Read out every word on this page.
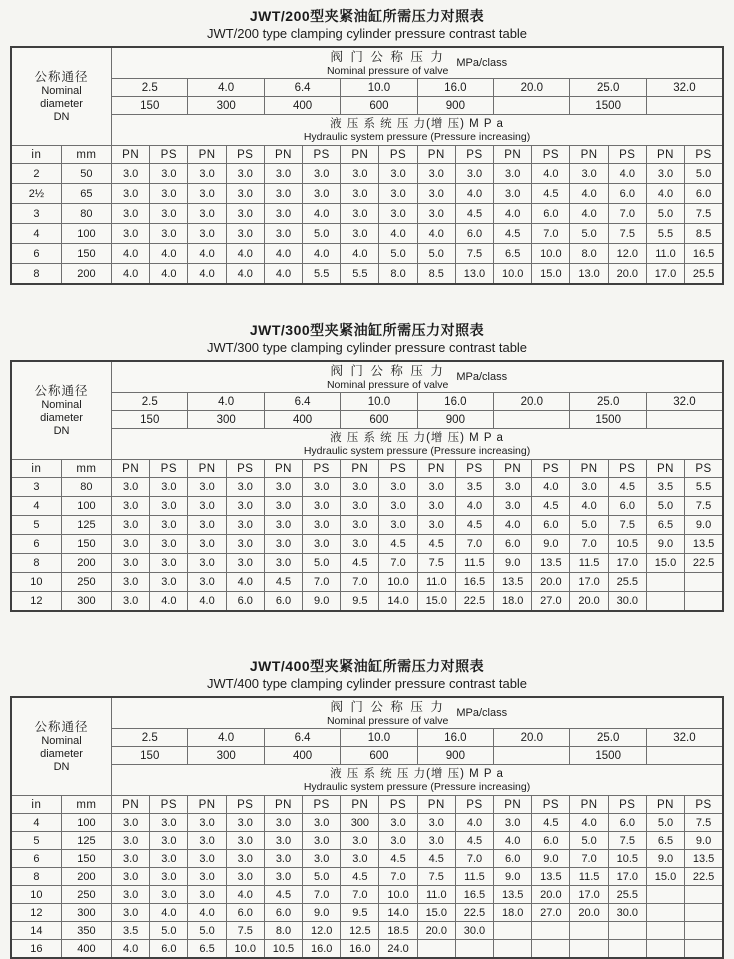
JWT/200型夹紧油缸所需压力对照表
JWT/200 type clamping cylinder pressure contrast table
公称通径
Nominal
diameter
DN

阀 门 公 称 压 力
Nominal pressure of valve
MPa/class

		2.5		4.0		6.4		10.0		16.0		20.0		25.0		32.0	
		150		300		400		600		900				1500			

		液 压 系 统 压 力(增 压) M P a
Hydraulic system pressure (Pressure increasing)															

in	mm	PN	PS	PN	PS	PN	PS	PN	PS	PN	PS	PN	PS	PN	PS	PN	PS
2	50	3.0	3.0	3.0	3.0	3.0	3.0	3.0	3.0	3.0	3.0	3.0	4.0	3.0	4.0	3.0	5.0
2½	65	3.0	3.0	3.0	3.0	3.0	3.0	3.0	3.0	3.0	4.0	3.0	4.5	4.0	6.0	4.0	6.0
3	80	3.0	3.0	3.0	3.0	3.0	4.0	3.0	3.0	3.0	4.5	4.0	6.0	4.0	7.0	5.0	7.5
4	100	3.0	3.0	3.0	3.0	3.0	5.0	3.0	4.0	4.0	6.0	4.5	7.0	5.0	7.5	5.5	8.5
6	150	4.0	4.0	4.0	4.0	4.0	4.0	4.0	5.0	5.0	7.5	6.5	10.0	8.0	12.0	11.0	16.5
8	200	4.0	4.0	4.0	4.0	4.0	5.5	5.5	8.0	8.5	13.0	10.0	15.0	13.0	20.0	17.0	25.5
JWT/300型夹紧油缸所需压力对照表
JWT/300 type clamping cylinder pressure contrast table
公称通径
Nominal
diameter
DN

阀 门 公 称 压 力
Nominal pressure of valve
MPa/class

		2.5		4.0		6.4		10.0		16.0		20.0		25.0		32.0	
		150		300		400		600		900				1500			

		液 压 系 统 压 力(增 压) M P a
Hydraulic system pressure (Pressure increasing)															

in	mm	PN	PS	PN	PS	PN	PS	PN	PS	PN	PS	PN	PS	PN	PS	PN	PS
3	80	3.0	3.0	3.0	3.0	3.0	3.0	3.0	3.0	3.0	3.5	3.0	4.0	3.0	4.5	3.5	5.5
4	100	3.0	3.0	3.0	3.0	3.0	3.0	3.0	3.0	3.0	4.0	3.0	4.5	4.0	6.0	5.0	7.5
5	125	3.0	3.0	3.0	3.0	3.0	3.0	3.0	3.0	3.0	4.5	4.0	6.0	5.0	7.5	6.5	9.0
6	150	3.0	3.0	3.0	3.0	3.0	3.0	3.0	4.5	4.5	7.0	6.0	9.0	7.0	10.5	9.0	13.5
8	200	3.0	3.0	3.0	3.0	3.0	5.0	4.5	7.0	7.5	11.5	9.0	13.5	11.5	17.0	15.0	22.5
10	250	3.0	3.0	3.0	4.0	4.5	7.0	7.0	10.0	11.0	16.5	13.5	20.0	17.0	25.5		
12	300	3.0	4.0	4.0	6.0	6.0	9.0	9.5	14.0	15.0	22.5	18.0	27.0	20.0	30.0		
JWT/400型夹紧油缸所需压力对照表
JWT/400 type clamping cylinder pressure contrast table
公称通径
Nominal
diameter
DN

阀 门 公 称 压 力
Nominal pressure of valve
MPa/class

		2.5		4.0		6.4		10.0		16.0		20.0		25.0		32.0	
		150		300		400		600		900				1500			

		液 压 系 统 压 力(增 压) M P a
Hydraulic system pressure (Pressure increasing)															

in	mm	PN	PS	PN	PS	PN	PS	PN	PS	PN	PS	PN	PS	PN	PS	PN	PS
4	100	3.0	3.0	3.0	3.0	3.0	3.0	300	3.0	3.0	4.0	3.0	4.5	4.0	6.0	5.0	7.5
5	125	3.0	3.0	3.0	3.0	3.0	3.0	3.0	3.0	3.0	4.5	4.0	6.0	5.0	7.5	6.5	9.0
6	150	3.0	3.0	3.0	3.0	3.0	3.0	3.0	4.5	4.5	7.0	6.0	9.0	7.0	10.5	9.0	13.5
8	200	3.0	3.0	3.0	3.0	3.0	5.0	4.5	7.0	7.5	11.5	9.0	13.5	11.5	17.0	15.0	22.5
10	250	3.0	3.0	3.0	4.0	4.5	7.0	7.0	10.0	11.0	16.5	13.5	20.0	17.0	25.5		
12	300	3.0	4.0	4.0	6.0	6.0	9.0	9.5	14.0	15.0	22.5	18.0	27.0	20.0	30.0		
14	350	3.5	5.0	5.0	7.5	8.0	12.0	12.5	18.5	20.0	30.0						
16	400	4.0	6.0	6.5	10.0	10.5	16.0	16.0	24.0								
